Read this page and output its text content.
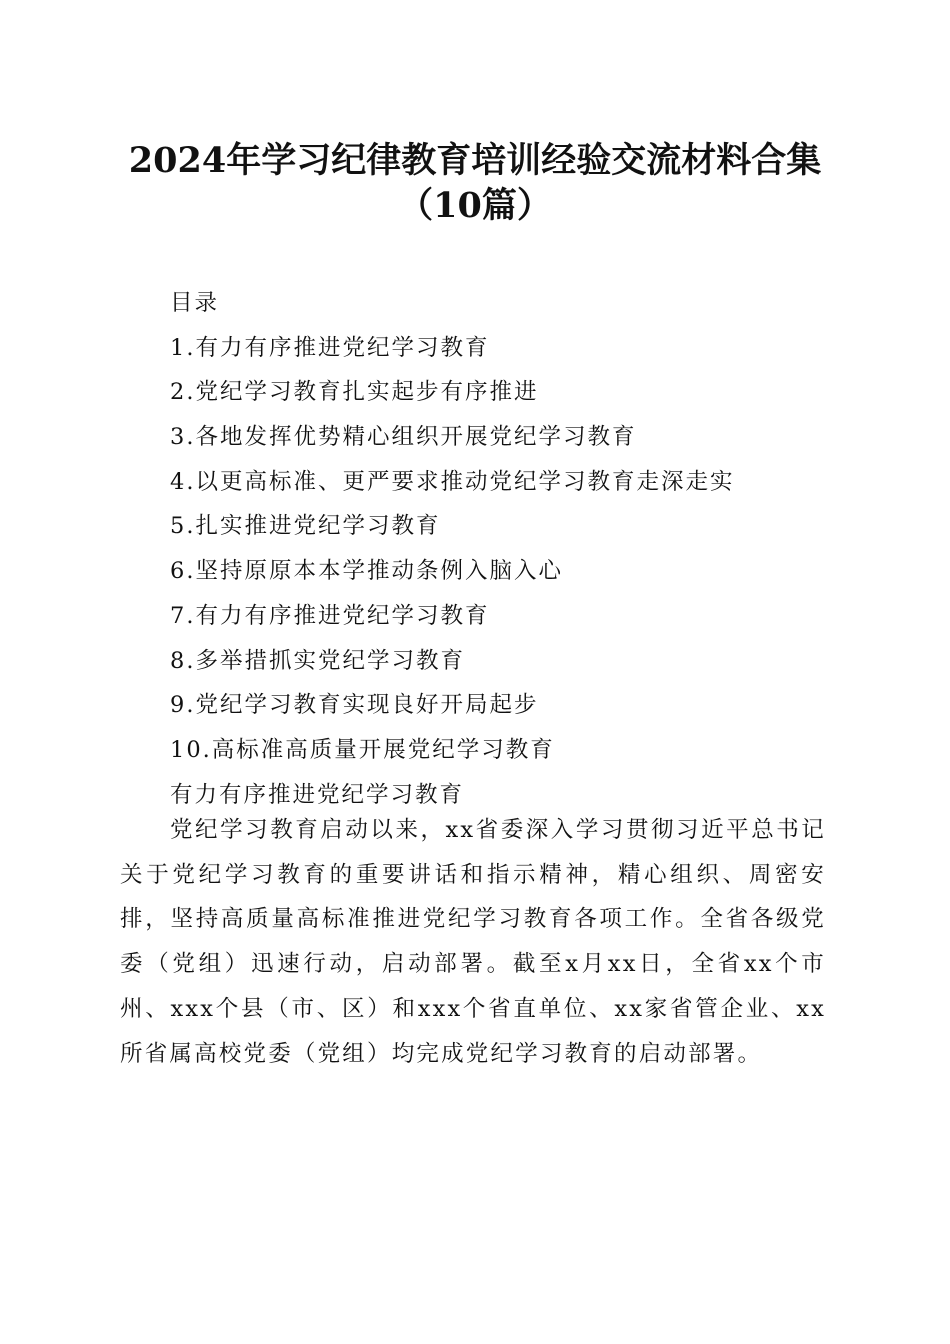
2024年学习纪律教育培训经验交流材料合集
（10篇）
目录
1.有力有序推进党纪学习教育
2.党纪学习教育扎实起步有序推进
3.各地发挥优势精心组织开展党纪学习教育
4.以更高标准、更严要求推动党纪学习教育走深走实
5.扎实推进党纪学习教育
6.坚持原原本本学推动条例入脑入心
7.有力有序推进党纪学习教育
8.多举措抓实党纪学习教育
9.党纪学习教育实现良好开局起步
10.高标准高质量开展党纪学习教育
有力有序推进党纪学习教育

党纪学习教育启动以来，xx省委深入学习贯彻习近平总书记关于党纪学习教育的重要讲话和指示精神，精心组织、周密安排，坚持高质量高标准推进党纪学习教育各项工作。全省各级党委（党组）迅速行动，启动部署。截至x月xx日，全省xx个市州、xxx个县（市、区）和xxx个省直单位、xx家省管企业、xx所省属高校党委（党组）均完成党纪学习教育的启动部署。
